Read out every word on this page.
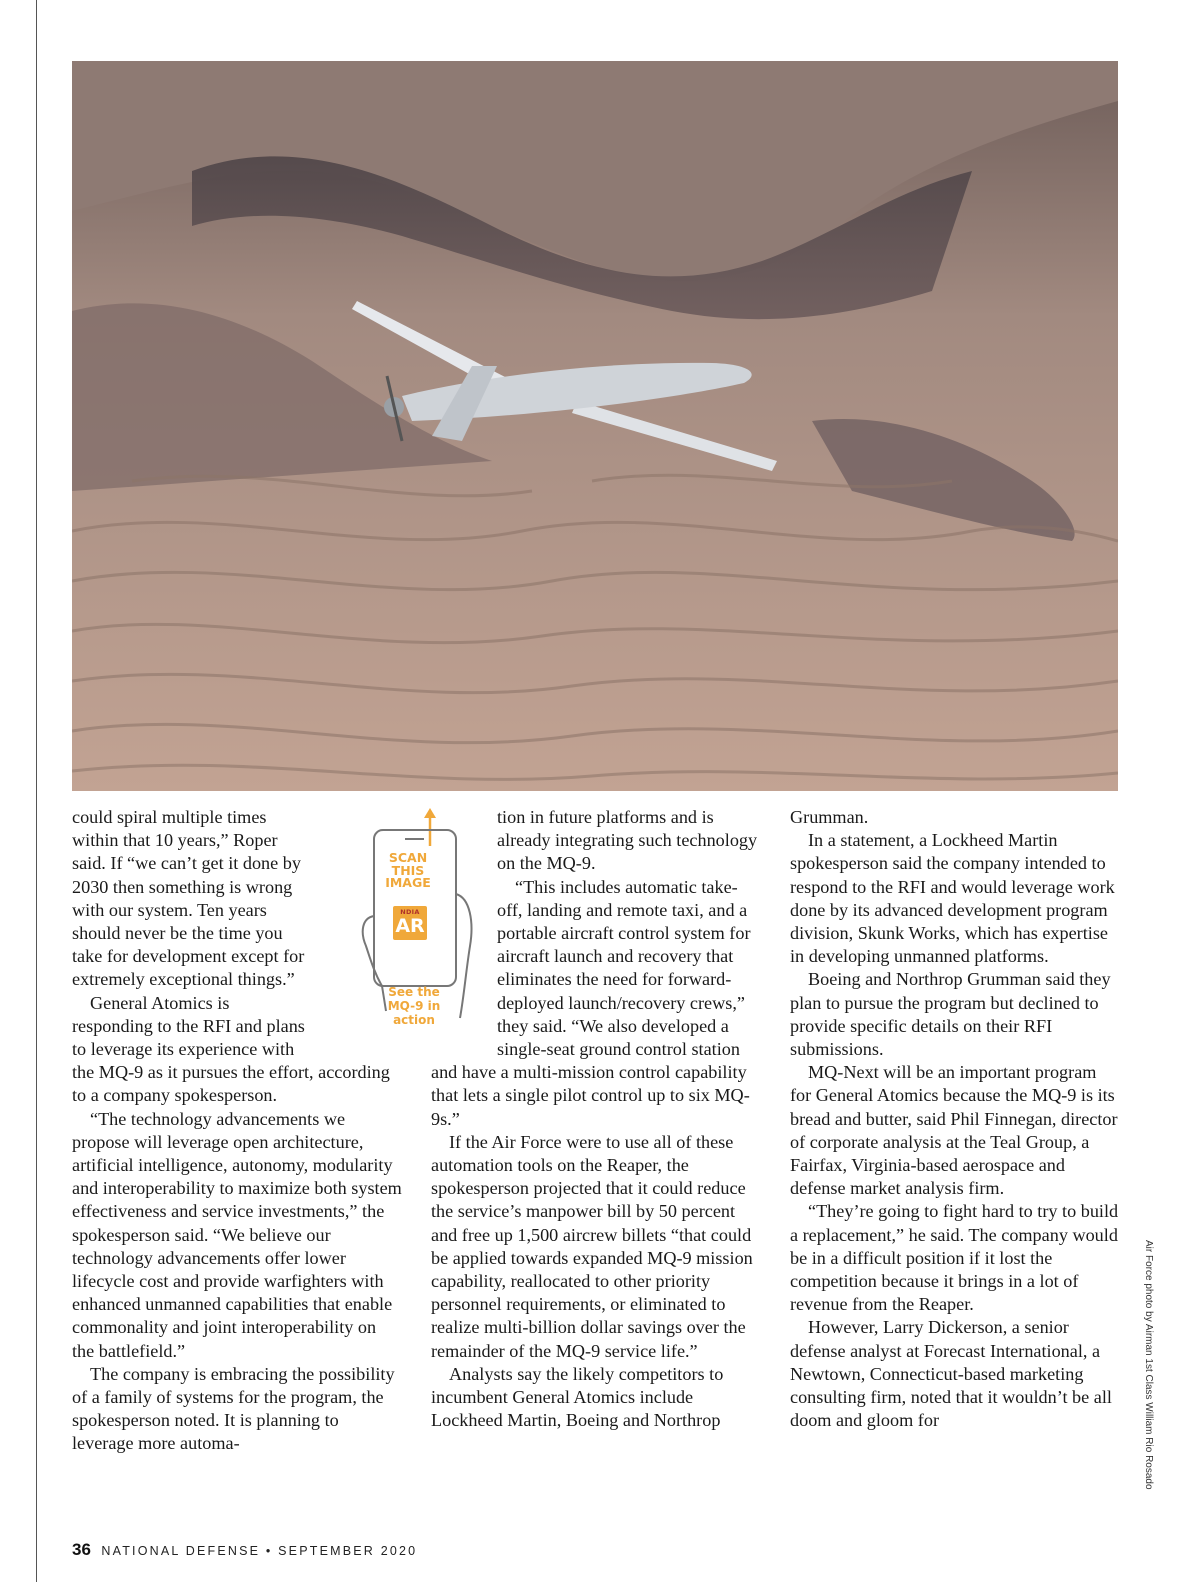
SCAN
THIS
IMAGE
NDIA
AR
See the
MQ-9 in
action

could spiral multiple times within that 10 years,” Roper said. If “we can’t get it done by 2030 then something is wrong with our system. Ten years should never be the time you take for development except for extremely exceptional things.”

General Atomics is responding to the RFI and plans to leverage its experience with the MQ-9 as it pursues the effort, according to a company spokesperson.

“The technology advancements we propose will leverage open architecture, artificial intelligence, autonomy, modularity and interoperability to maximize both system effectiveness and service investments,” the spokesperson said. “We believe our technology advancements offer lower lifecycle cost and provide warfighters with enhanced unmanned capabilities that enable commonality and joint interoperability on the battlefield.”

The company is embracing the possibility of a family of systems for the program, the spokesperson noted. It is planning to leverage more automa-

tion in future platforms and is already integrating such technology on the MQ-9.

“This includes automatic take-off, landing and remote taxi, and a portable aircraft control system for aircraft launch and recovery that eliminates the need for forward-deployed launch/recovery crews,” they said. “We also developed a single-seat ground control station and have a multi-mission control capability that lets a single pilot control up to six MQ-9s.”

If the Air Force were to use all of these automation tools on the Reaper, the spokesperson projected that it could reduce the service’s manpower bill by 50 percent and free up 1,500 aircrew billets “that could be applied towards expanded MQ-9 mission capability, reallocated to other priority personnel requirements, or eliminated to realize multi-billion dollar savings over the remainder of the MQ-9 service life.”

Analysts say the likely competitors to incumbent General Atomics include Lockheed Martin, Boeing and Northrop

Grumman.

In a statement, a Lockheed Martin spokesperson said the company intended to respond to the RFI and would leverage work done by its advanced development program division, Skunk Works, which has expertise in developing unmanned platforms.

Boeing and Northrop Grumman said they plan to pursue the program but declined to provide specific details on their RFI submissions.

MQ-Next will be an important program for General Atomics because the MQ-9 is its bread and butter, said Phil Finnegan, director of corporate analysis at the Teal Group, a Fairfax, Virginia-based aerospace and defense market analysis firm.

“They’re going to fight hard to try to build a replacement,” he said. The company would be in a difficult position if it lost the competition because it brings in a lot of revenue from the Reaper.

However, Larry Dickerson, a senior defense analyst at Forecast International, a Newtown, Connecticut-based marketing consulting firm, noted that it wouldn’t be all doom and gloom for	Air Force photo by Airman 1st Class William Rio Rosado
36 NATIONAL DEFENSE • SEPTEMBER 2020
